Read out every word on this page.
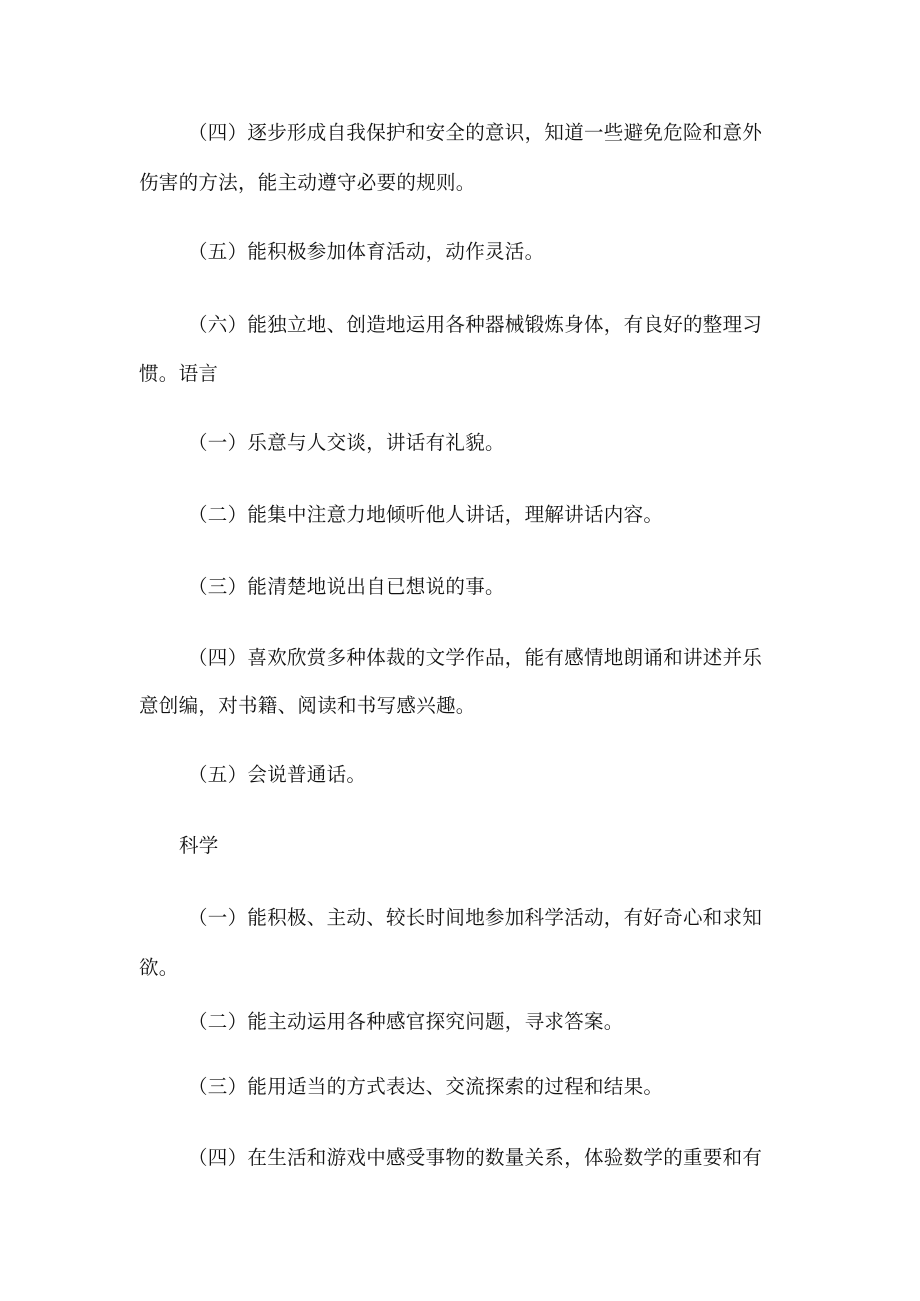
（四）逐步形成自我保护和安全的意识，知道一些避免危险和意外
伤害的方法，能主动遵守必要的规则。
（五）能积极参加体育活动，动作灵活。
（六）能独立地、创造地运用各种器械锻炼身体，有良好的整理习
惯。语言
（一）乐意与人交谈，讲话有礼貌。
（二）能集中注意力地倾听他人讲话，理解讲话内容。
（三）能清楚地说出自已想说的事。
（四）喜欢欣赏多种体裁的文学作品，能有感情地朗诵和讲述并乐
意创编，对书籍、阅读和书写感兴趣。
（五）会说普通话。
科学
（一）能积极、主动、较长时间地参加科学活动，有好奇心和求知
欲。
（二）能主动运用各种感官探究问题，寻求答案。
（三）能用适当的方式表达、交流探索的过程和结果。
（四）在生活和游戏中感受事物的数量关系，体验数学的重要和有
